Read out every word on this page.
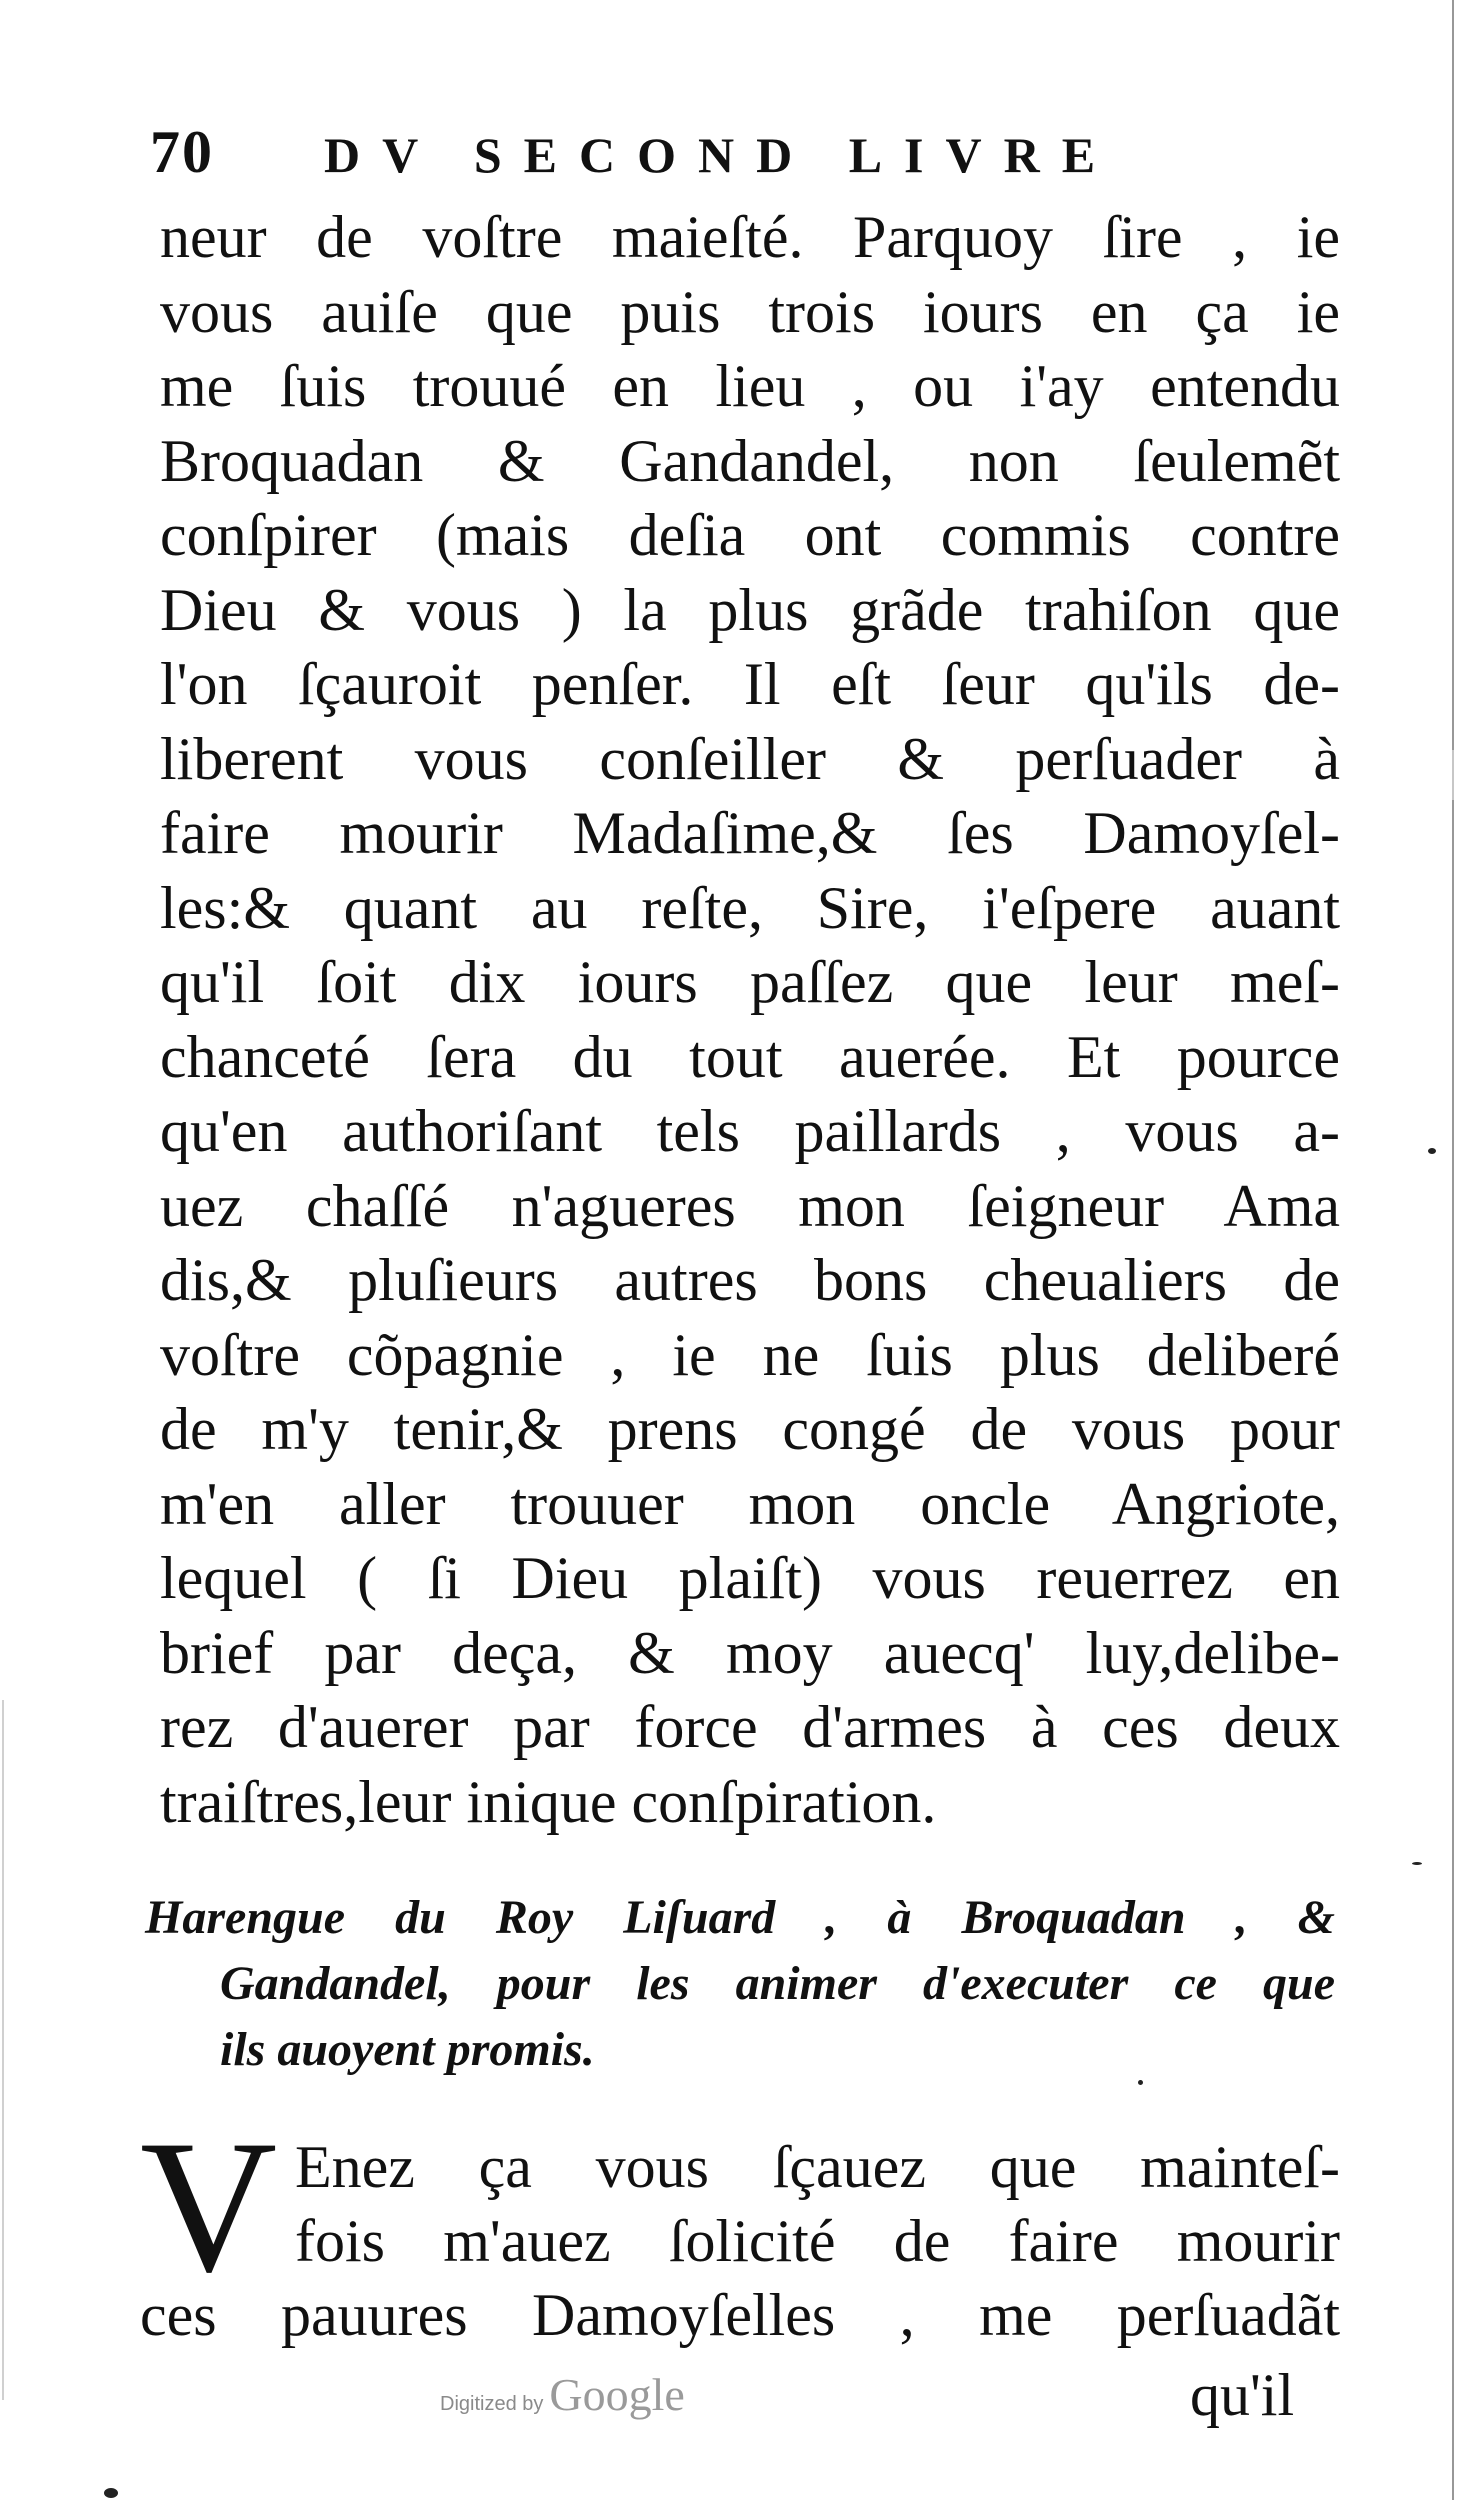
70 DV SECOND LIVRE
neur de voſtre maieſté. Parquoy ſire , ie
vous auiſe que puis trois iours en ça ie
me ſuis trouué en lieu , ou i'ay entendu
Broquadan & Gandandel, non ſeulemẽt
conſpirer (mais deſia ont commis contre
Dieu & vous ) la plus grãde trahiſon que
l'on ſçauroit penſer. Il eſt ſeur qu'ils de-
liberent vous conſeiller & perſuader à
faire mourir Madaſime,& ſes Damoyſel-
les:& quant au reſte, Sire, i'eſpere auant
qu'il ſoit dix iours paſſez que leur meſ-
chanceté ſera du tout auerée. Et pource
qu'en authoriſant tels paillards , vous a-
uez chaſſé n'agueres mon ſeigneur Ama
dis,& pluſieurs autres bons cheualiers de
voſtre cõpagnie , ie ne ſuis plus deliberé
de m'y tenir,& prens congé de vous pour
m'en aller trouuer mon oncle Angriote,
lequel ( ſi Dieu plaiſt) vous reuerrez en
brief par deça, & moy auecq' luy,delibe-
rez d'auerer par force d'armes à ces deux
traiſtres,leur inique conſpiration.
Harengue du Roy Liſuard , à Broquadan , &
Gandandel, pour les animer d'executer ce que
ils auoyent promis.
V Enez ça vous ſçauez que mainteſ-
fois m'auez ſolicité de faire mourir
ces pauures Damoyſelles , me perſuadãt
Digitized by Google	qu'il
